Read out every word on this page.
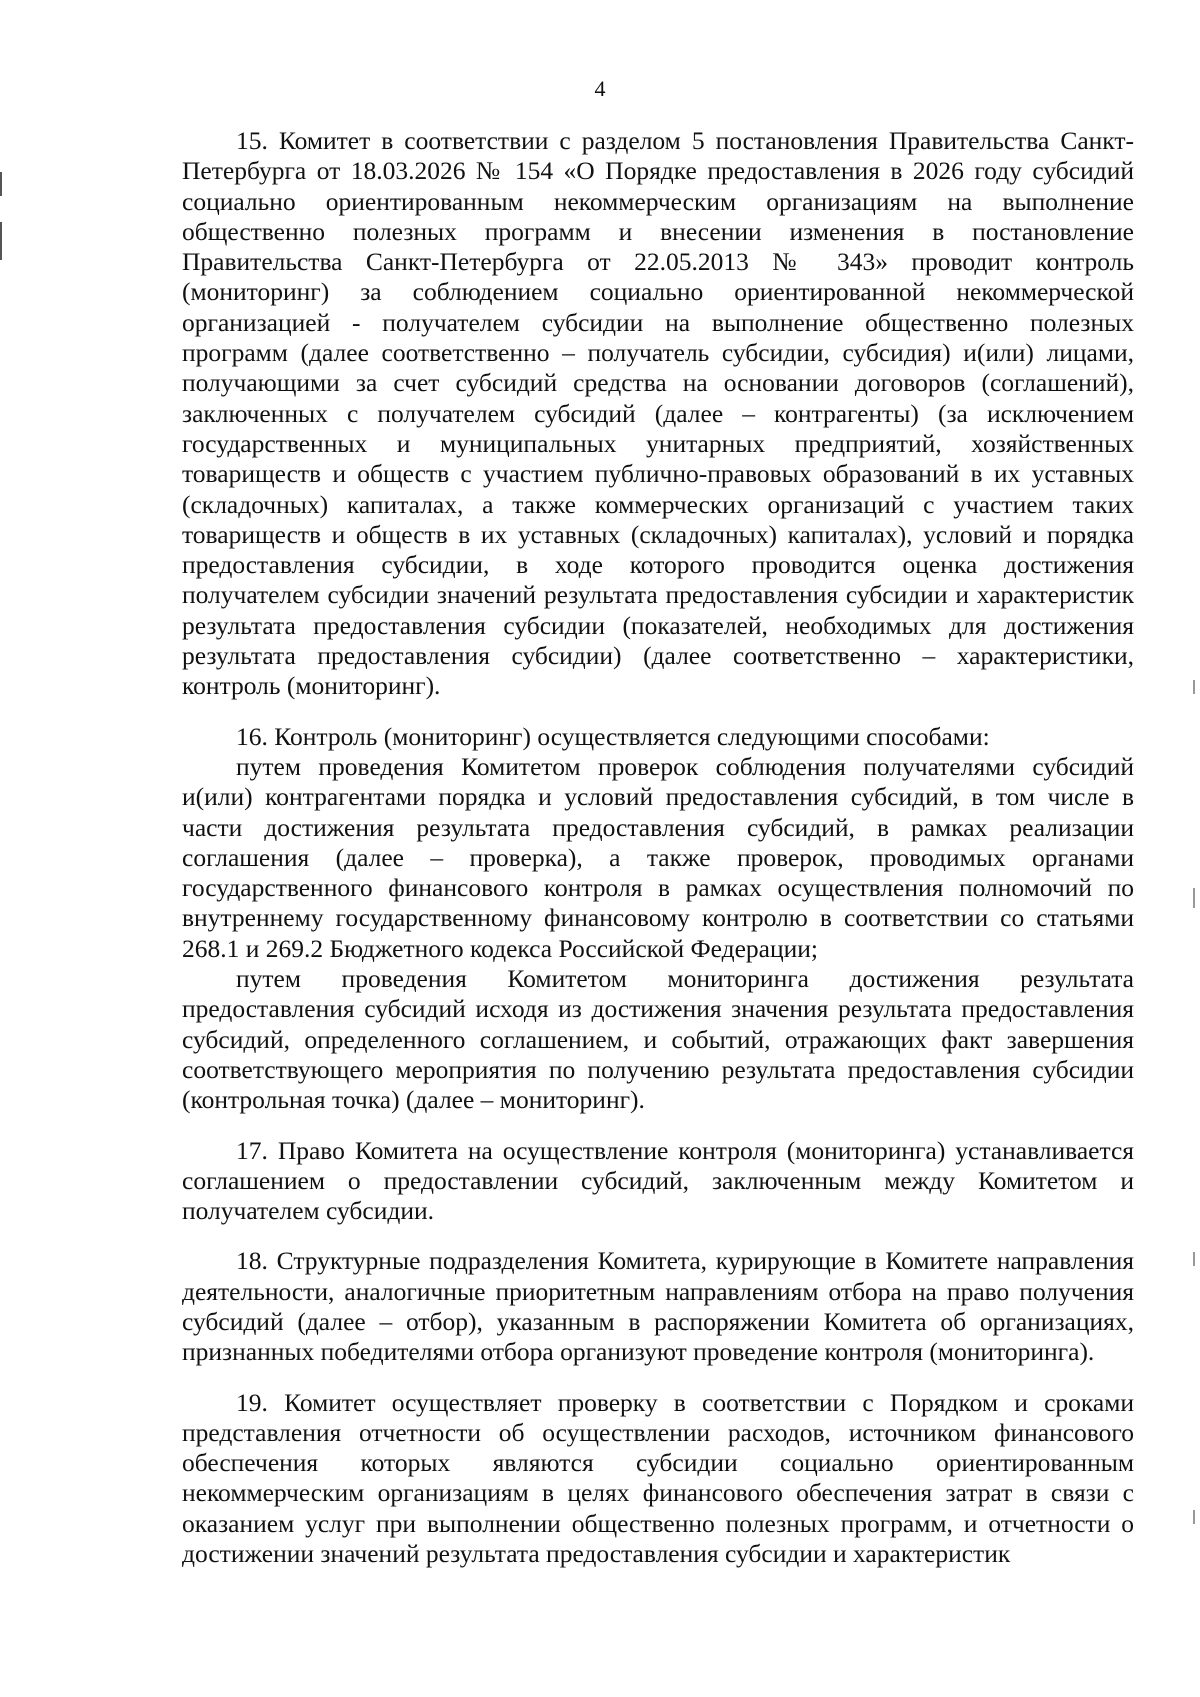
4

15. Комитет в соответствии с разделом 5 постановления Правительства Санкт-Петербурга от 18.03.2026 № 154 «О Порядке предоставления в 2026 году субсидий социально ориентированным некоммерческим организациям на выполнение общественно полезных программ и внесении изменения в постановление Правительства Санкт-Петербурга от 22.05.2013 № 343» проводит контроль (мониторинг) за соблюдением социально ориентированной некоммерческой организацией - получателем субсидии на выполнение общественно полезных программ (далее соответственно – получатель субсидии, субсидия) и(или) лицами, получающими за счет субсидий средства на основании договоров (соглашений), заключенных с получателем субсидий (далее – контрагенты) (за исключением государственных и муниципальных унитарных предприятий, хозяйственных товариществ и обществ с участием публично-правовых образований в их уставных (складочных) капиталах, а также коммерческих организаций с участием таких товариществ и обществ в их уставных (складочных) капиталах), условий и порядка предоставления субсидии, в ходе которого проводится оценка достижения получателем субсидии значений результата предоставления субсидии и характеристик результата предоставления субсидии (показателей, необходимых для достижения результата предоставления субсидии) (далее соответственно – характеристики, контроль (мониторинг).

16. Контроль (мониторинг) осуществляется следующими способами:

путем проведения Комитетом проверок соблюдения получателями субсидий и(или) контрагентами порядка и условий предоставления субсидий, в том числе в части достижения результата предоставления субсидий, в рамках реализации соглашения (далее – проверка), а также проверок, проводимых органами государственного финансового контроля в рамках осуществления полномочий по внутреннему государственному финансовому контролю в соответствии со статьями 268.1 и 269.2 Бюджетного кодекса Российской Федерации;

путем проведения Комитетом мониторинга достижения результата предоставления субсидий исходя из достижения значения результата предоставления субсидий, определенного соглашением, и событий, отражающих факт завершения соответствующего мероприятия по получению результата предоставления субсидии (контрольная точка) (далее – мониторинг).

17. Право Комитета на осуществление контроля (мониторинга) устанавливается соглашением о предоставлении субсидий, заключенным между Комитетом и получателем субсидии.

18. Структурные подразделения Комитета, курирующие в Комитете направления деятельности, аналогичные приоритетным направлениям отбора на право получения субсидий (далее – отбор), указанным в распоряжении Комитета об организациях, признанных победителями отбора организуют проведение контроля (мониторинга).

19. Комитет осуществляет проверку в соответствии с Порядком и сроками представления отчетности об осуществлении расходов, источником финансового обеспечения которых являются субсидии социально ориентированным некоммерческим организациям в целях финансового обеспечения затрат в связи с оказанием услуг при выполнении общественно полезных программ, и отчетности о достижении значений результата предоставления субсидии и характеристик
